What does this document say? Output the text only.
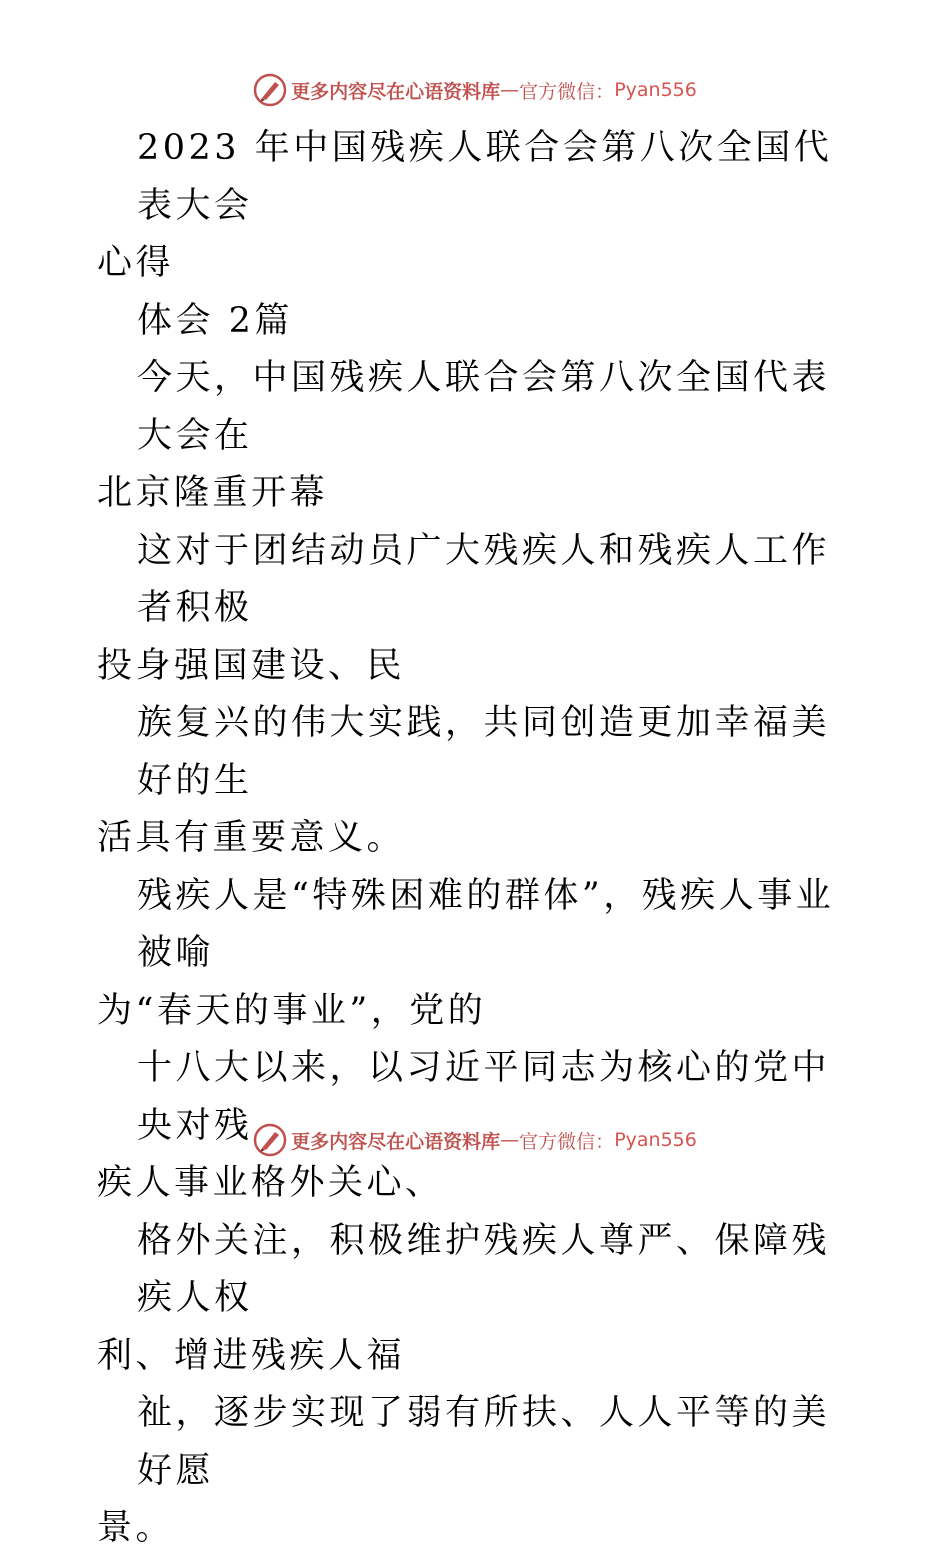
更多内容尽在心语资料库 — 官方微信： Pyan556

2023 年中国残疾人联合会第八次全国代表大会
心得
体会 2篇
今天，中国残疾人联合会第八次全国代表大会在
北京隆重开幕
这对于团结动员广大残疾人和残疾人工作者积极
投身强国建设、民
族复兴的伟大实践，共同创造更加幸福美好的生
活具有重要意义。
残疾人是“特殊困难的群体”，残疾人事业被喻
为“春天的事业”，党的
十八大以来，以习近平同志为核心的党中央对残
疾人事业格外关心、
格外关注，积极维护残疾人尊严、保障残疾人权
利、增进残疾人福
祉，逐步实现了弱有所扶、人人平等的美好愿
景。

更多内容尽在心语资料库 — 官方微信： Pyan556
